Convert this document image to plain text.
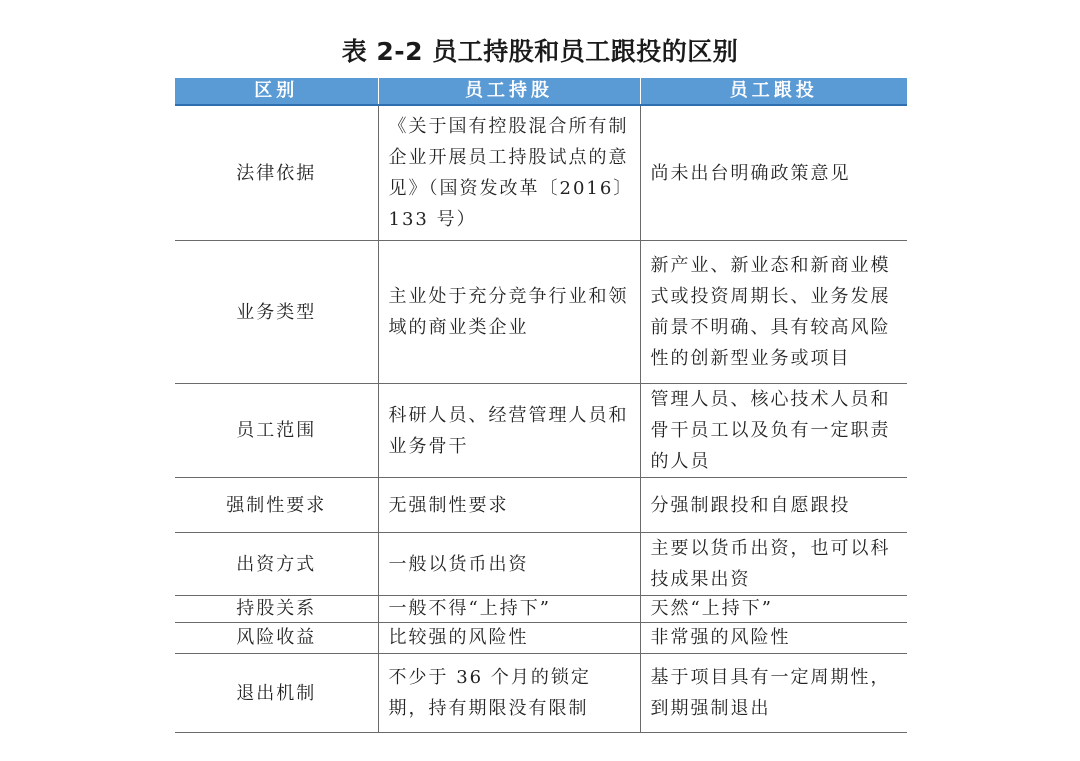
表 2-2 员工持股和员工跟投的区别
区别	员工持股	员工跟投
法律依据	《关于国有控股混合所有制企业开展员工持股试点的意见》（国资发改革〔2016〕133 号）	尚未出台明确政策意见
业务类型	主业处于充分竞争行业和领域的商业类企业	新产业、新业态和新商业模式或投资周期长、业务发展前景不明确、具有较高风险性的创新型业务或项目
员工范围	科研人员、经营管理人员和业务骨干	管理人员、核心技术人员和骨干员工以及负有一定职责的人员
强制性要求	无强制性要求	分强制跟投和自愿跟投
出资方式	一般以货币出资	主要以货币出资，也可以科技成果出资
持股关系	一般不得“上持下”	天然“上持下”
风险收益	比较强的风险性	非常强的风险性
退出机制	不少于 36 个月的锁定期，持有期限没有限制	基于项目具有一定周期性，到期强制退出
